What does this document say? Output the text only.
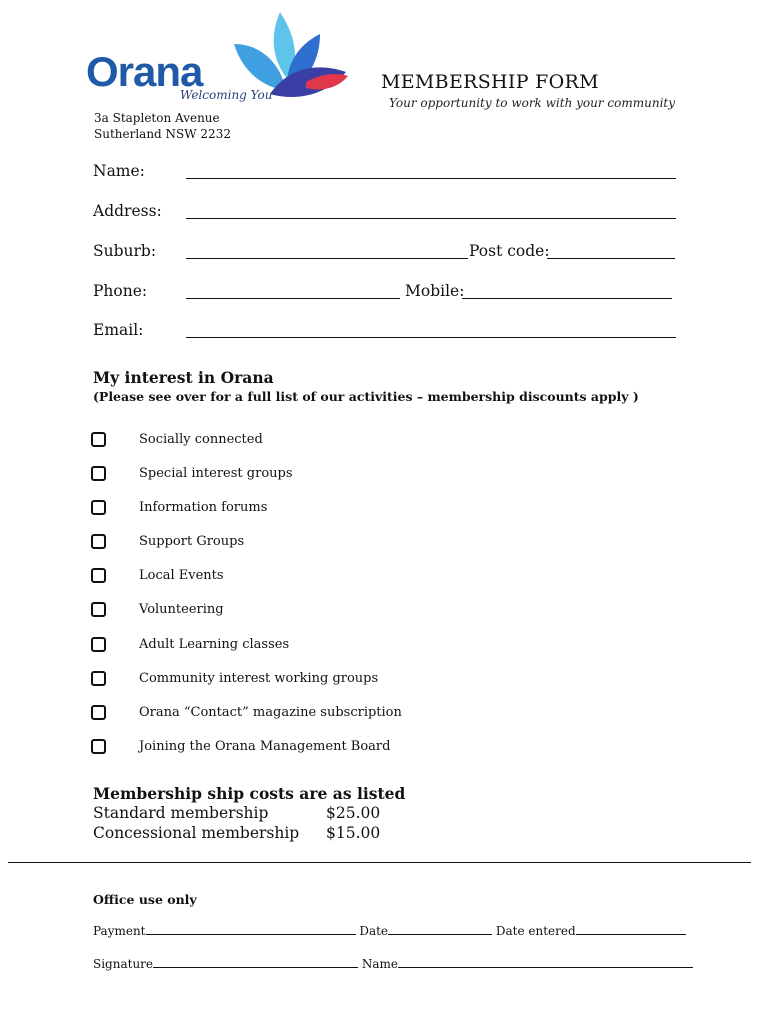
Orana
Welcoming You
MEMBERSHIP FORM
Your opportunity to work with your community
3a Stapleton Avenue
Sutherland NSW 2232
Name:
Address:
Suburb:	Post code:
Phone:	Mobile:
Email:
My interest in Orana
(Please see over for a full list of our activities – membership discounts apply )
Socially connected
Special interest groups
Information forums
Support Groups
Local Events
Volunteering
Adult Learning classes
Community interest working groups
Orana “Contact” magazine subscription
Joining the Orana Management Board
Membership ship costs are as listed
Standard membership	$25.00
Concessional membership $15.00
Office use only
Payment	Date	Date entered
Signature	Name
